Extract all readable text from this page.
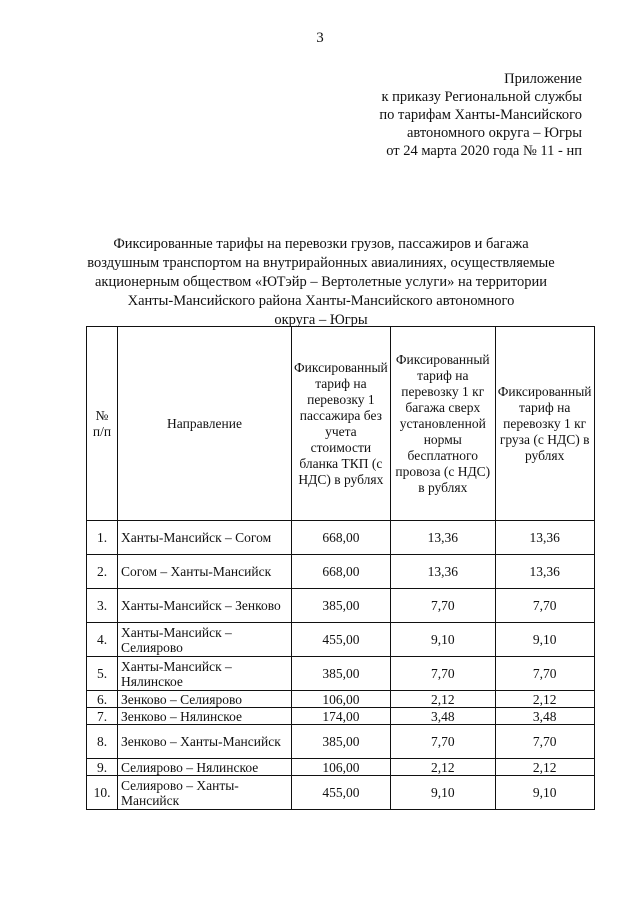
3
Приложение
к приказу Региональной службы
по тарифам Ханты-Мансийского
автономного округа – Югры
от 24 марта 2020 года № 11 - нп
Фиксированные тарифы на перевозки грузов, пассажиров и багажа
воздушным транспортом на внутрирайонных авиалиниях, осуществляемые
акционерным обществом «ЮТэйр – Вертолетные услуги» на территории
Ханты-Мансийского района Ханты-Мансийского автономного
округа – Югры
№ п/п	Направление	Фиксированный тариф на перевозку 1 пассажира без учета стоимости бланка ТКП (с НДС) в рублях	Фиксированный тариф на перевозку 1 кг багажа сверх установленной нормы бесплатного провоза (с НДС) в рублях	Фиксированный тариф на перевозку 1 кг груза (с НДС) в рублях
1.	Ханты-Мансийск – Согом	668,00	13,36	13,36
2.	Согом – Ханты-Мансийск	668,00	13,36	13,36
3.	Ханты-Мансийск – Зенково	385,00	7,70	7,70
4.	Ханты-Мансийск – Селиярово	455,00	9,10	9,10
5.	Ханты-Мансийск – Нялинское	385,00	7,70	7,70
6.	Зенково – Селиярово	106,00	2,12	2,12
7.	Зенково – Нялинское	174,00	3,48	3,48
8.	Зенково – Ханты-Мансийск	385,00	7,70	7,70
9.	Селиярово – Нялинское	106,00	2,12	2,12
10.	Селиярово – Ханты-Мансийск	455,00	9,10	9,10
